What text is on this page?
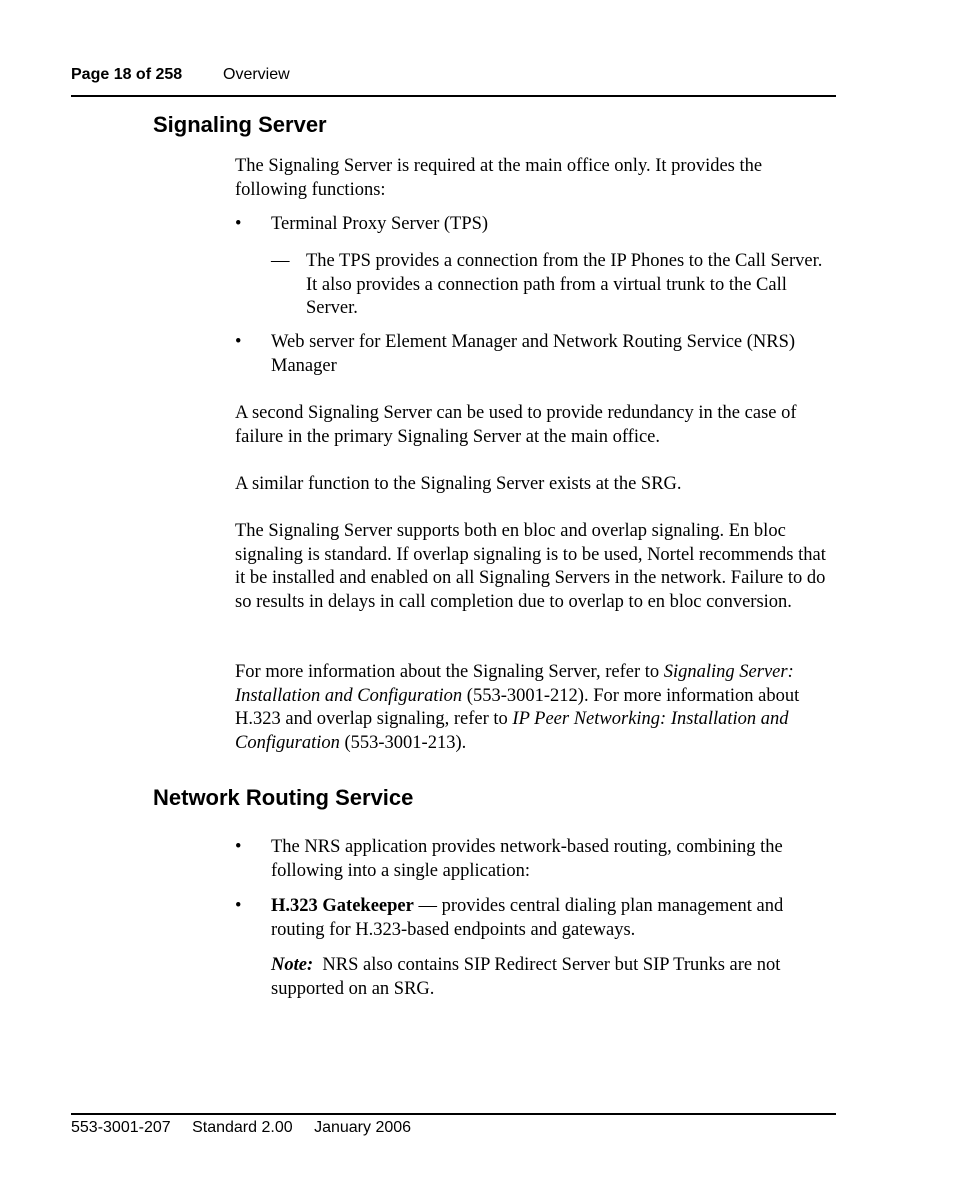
Page 18 of 258	Overview
Signaling Server

The Signaling Server is required at the main office only. It provides the following functions:

•	Terminal Proxy Server (TPS)

— The TPS provides a connection from the IP Phones to the Call Server. It also provides a connection path from a virtual trunk to the Call Server.

•	Web server for Element Manager and Network Routing Service (NRS) Manager

A second Signaling Server can be used to provide redundancy in the case of failure in the primary Signaling Server at the main office.

A similar function to the Signaling Server exists at the SRG.

The Signaling Server supports both en bloc and overlap signaling. En bloc signaling is standard. If overlap signaling is to be used, Nortel recommends that it be installed and enabled on all Signaling Servers in the network. Failure to do so results in delays in call completion due to overlap to en bloc conversion.

For more information about the Signaling Server, refer to Signaling Server: Installation and Configuration (553-3001-212). For more information about H.323 and overlap signaling, refer to IP Peer Networking: Installation and Configuration (553-3001-213).

Network Routing Service
•	The NRS application provides network-based routing, combining the following into a single application:

•	H.323 Gatekeeper — provides central dialing plan management and routing for H.323-based endpoints and gateways.

Note:  NRS also contains SIP Redirect Server but SIP Trunks are not supported on an SRG.

553-3001-207 Standard 2.00 January 2006
